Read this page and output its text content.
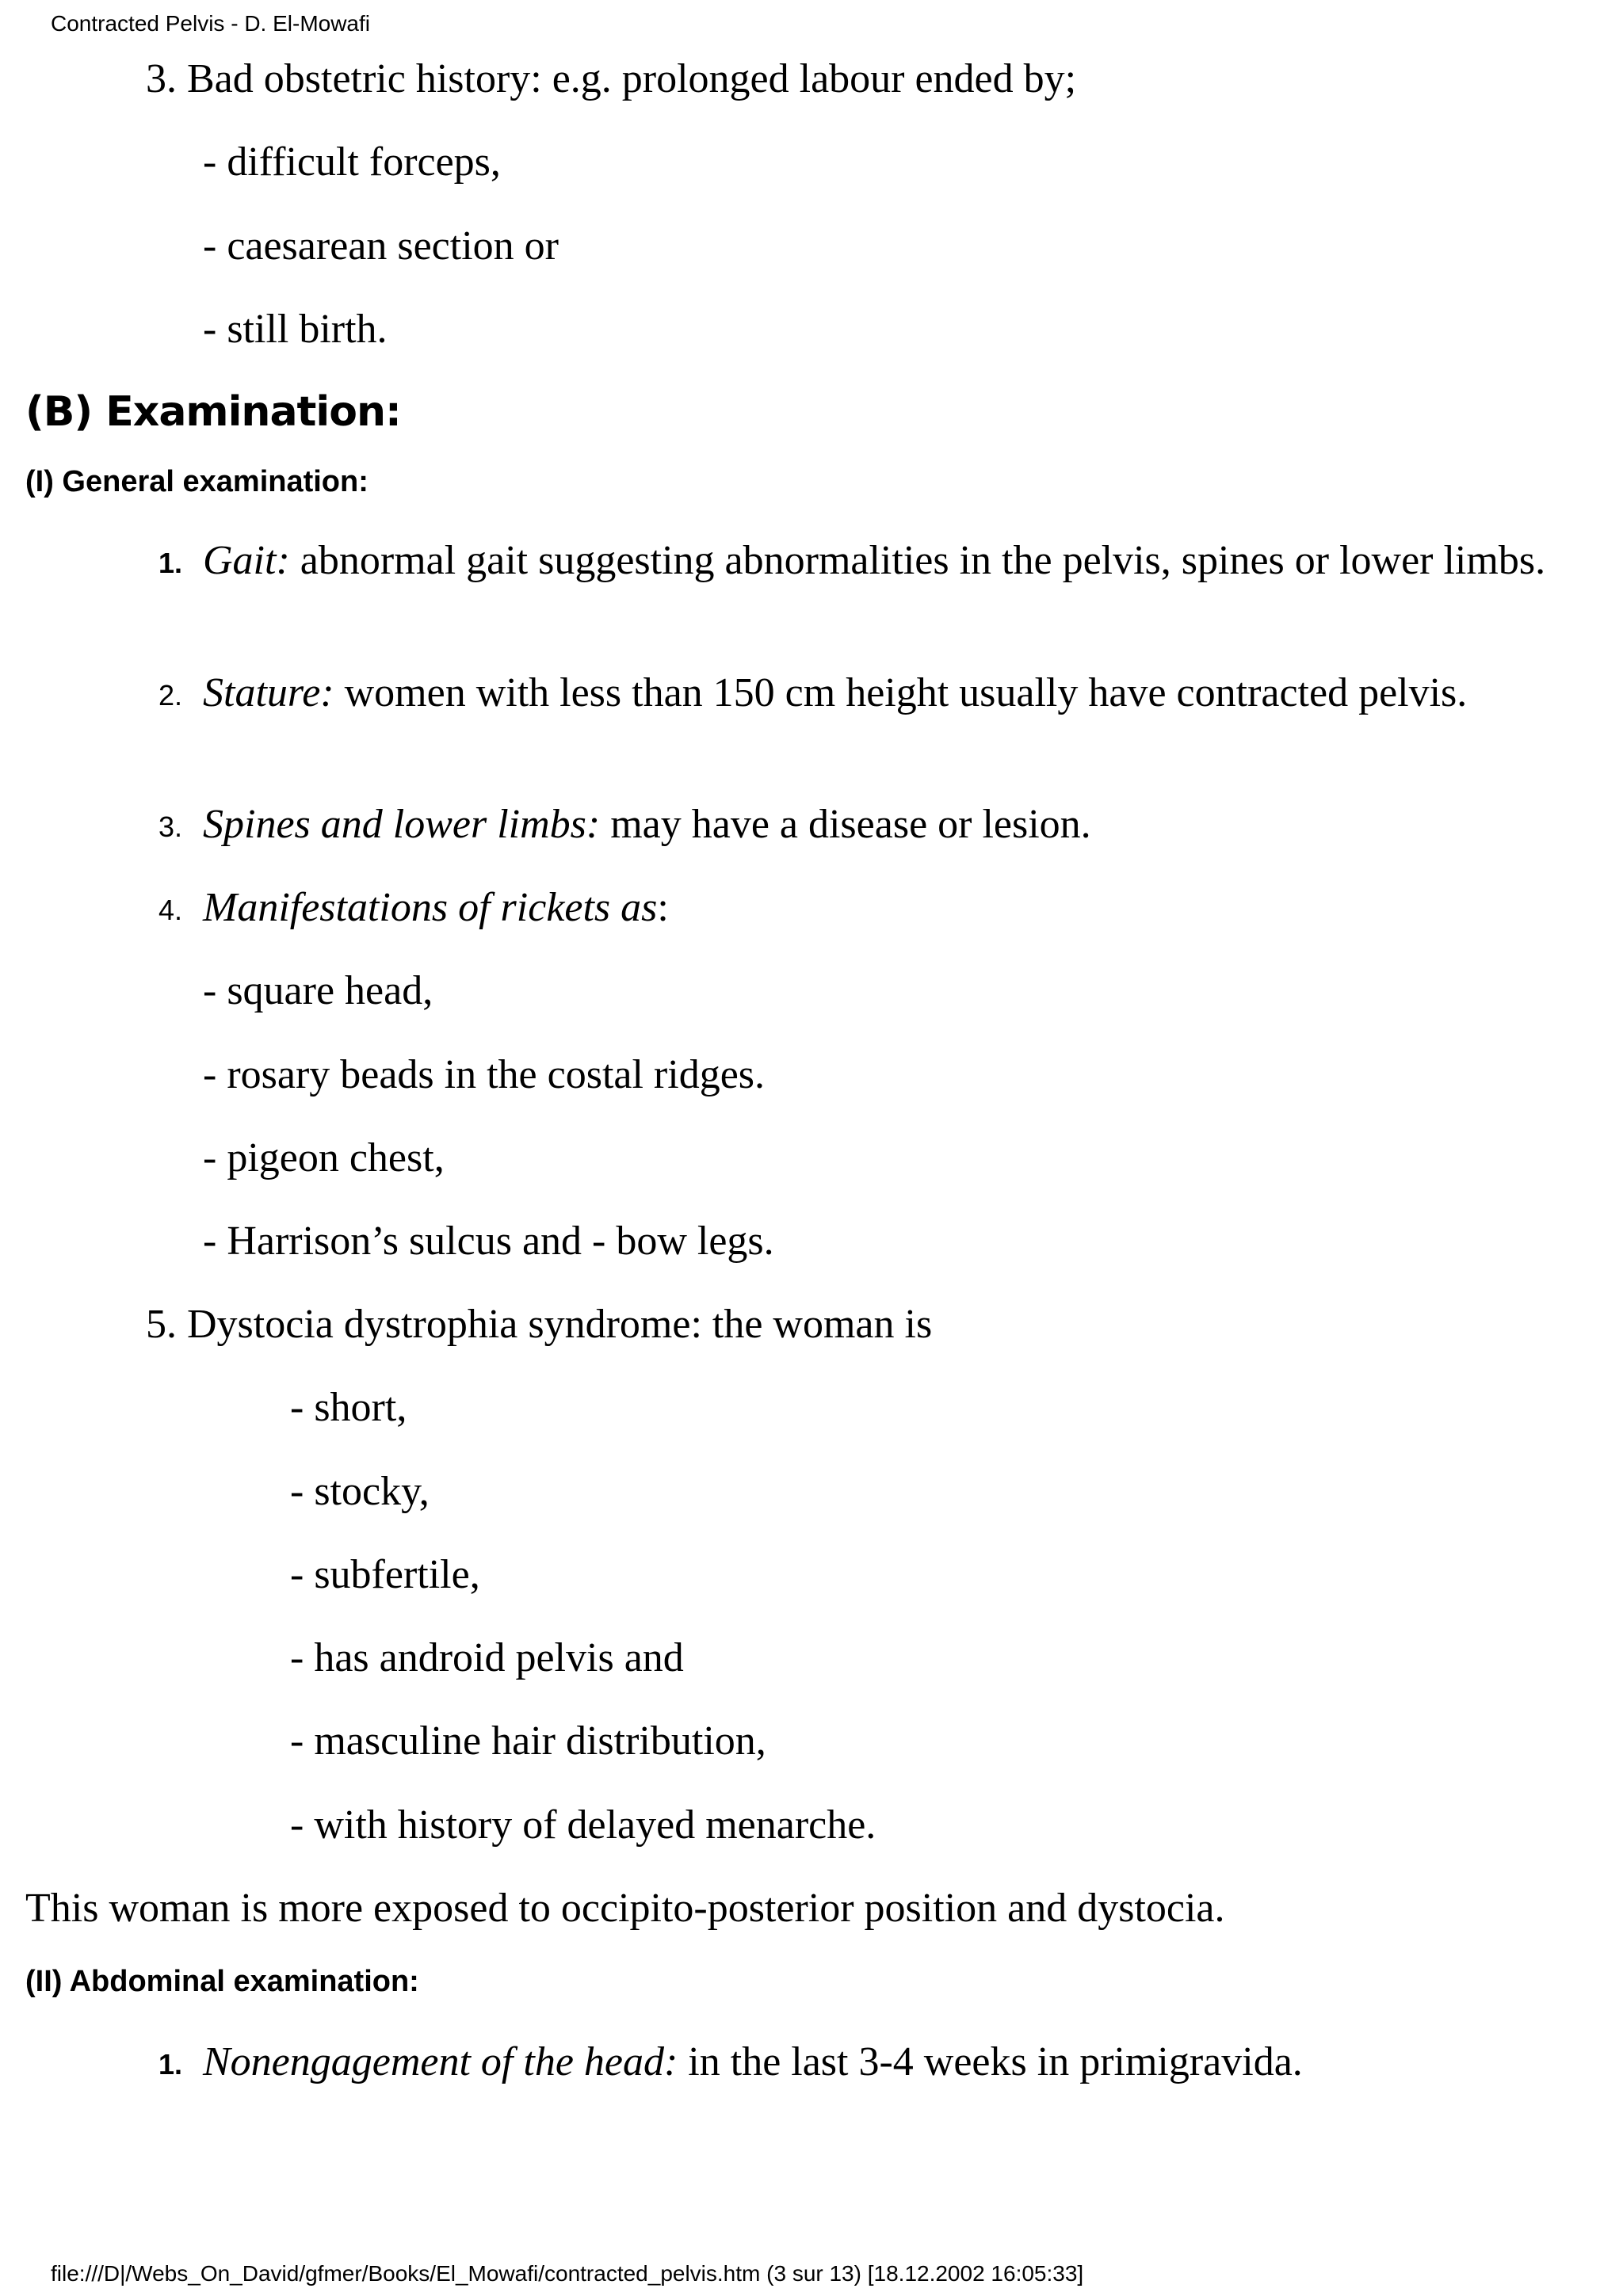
Contracted Pelvis - D. El-Mowafi
3. Bad obstetric history: e.g. prolonged labour ended by;
- difficult forceps,
- caesarean section or
- still birth.
(B) Examination:
(I) General examination:
1. Gait: abnormal gait suggesting abnormalities in the pelvis, spines or lower limbs.
2. Stature: women with less than 150 cm height usually have contracted pelvis.
3. Spines and lower limbs: may have a disease or lesion.
4. Manifestations of rickets as:
- square head,
- rosary beads in the costal ridges.
- pigeon chest,
- Harrison’s sulcus and - bow legs.
5. Dystocia dystrophia syndrome: the woman is
- short,
- stocky,
- subfertile,
- has android pelvis and
- masculine hair distribution,
- with history of delayed menarche.
This woman is more exposed to occipito-posterior position and dystocia.
(II) Abdominal examination:
1. Nonengagement of the head: in the last 3-4 weeks in primigravida.
file:///D|/Webs_On_David/gfmer/Books/El_Mowafi/contracted_pelvis.htm (3 sur 13) [18.12.2002 16:05:33]
